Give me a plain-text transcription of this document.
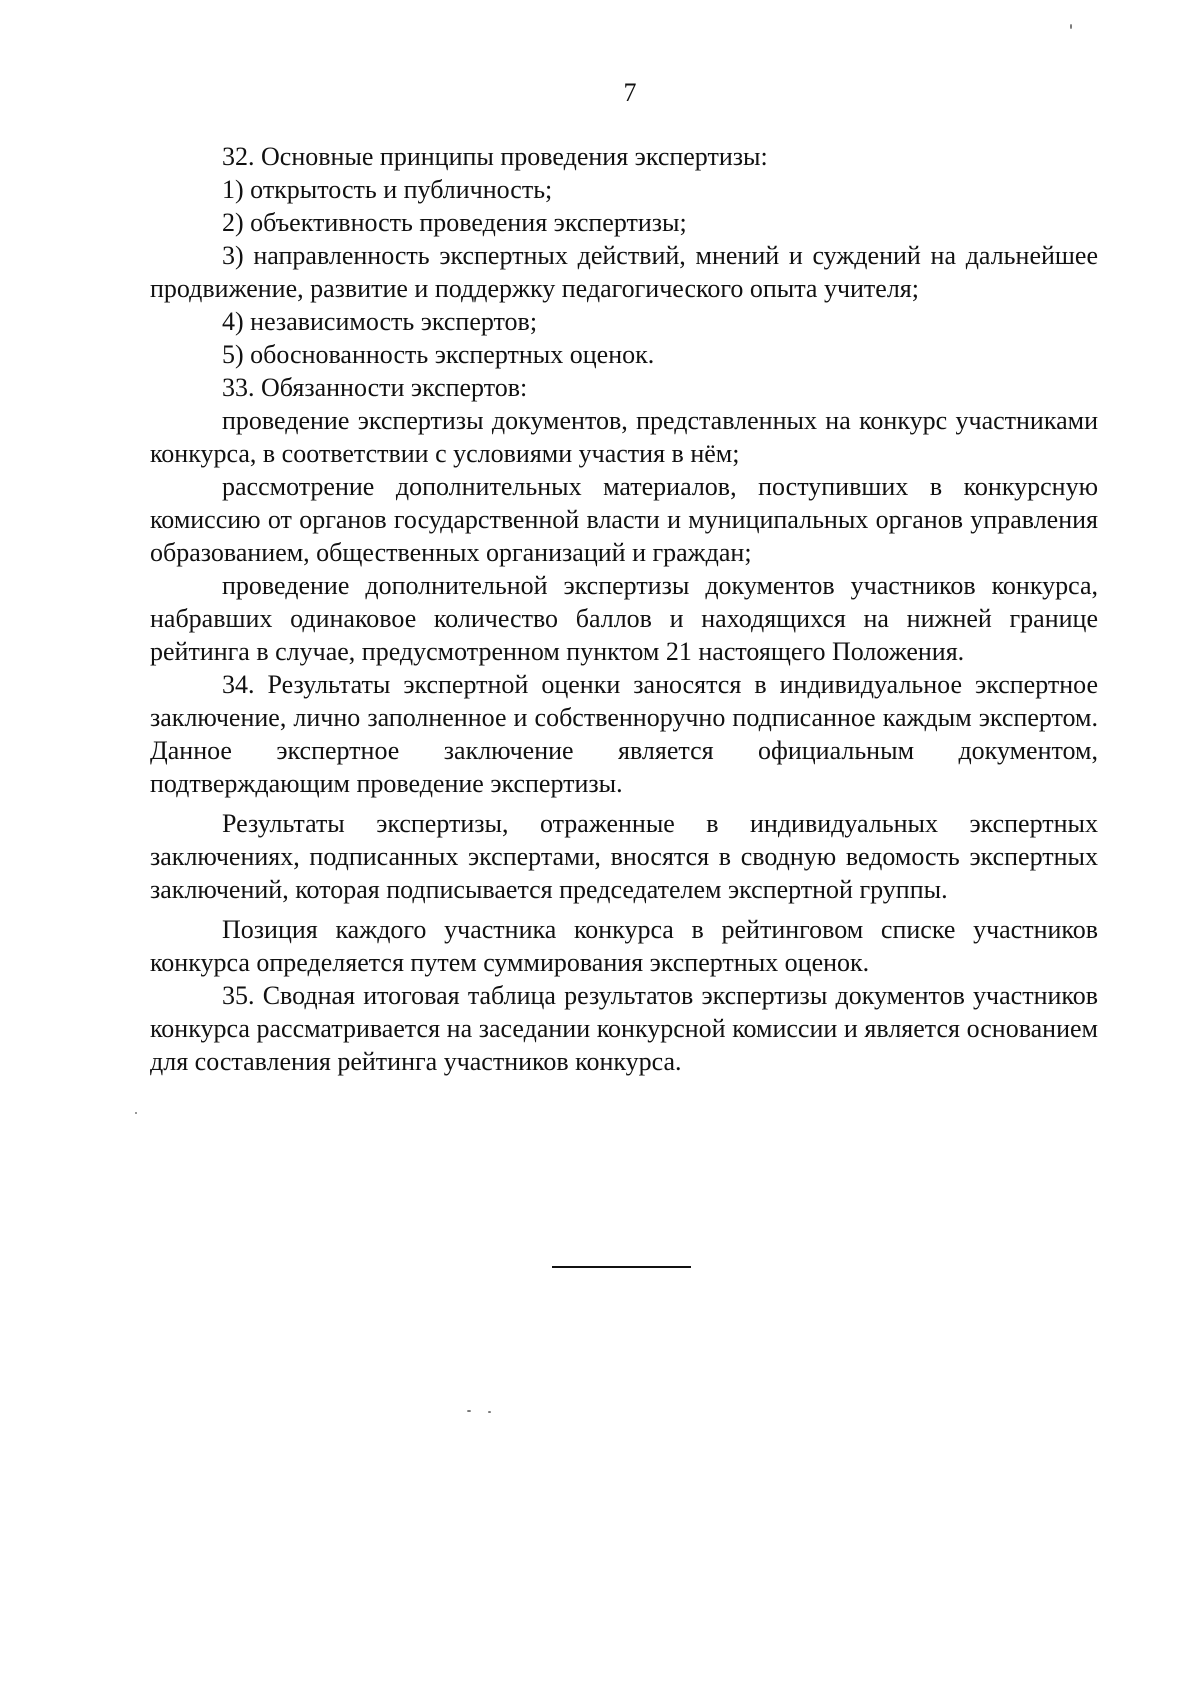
7

32. Основные принципы проведения экспертизы:

1) открытость и публичность;

2) объективность проведения экспертизы;

3) направленность экспертных действий, мнений и суждений на дальнейшее продвижение, развитие и поддержку педагогического опыта учителя;

4) независимость экспертов;

5) обоснованность экспертных оценок.

33. Обязанности экспертов:

проведение экспертизы документов, представленных на конкурс участниками конкурса, в соответствии с условиями участия в нём;

рассмотрение дополнительных материалов, поступивших в конкурсную комиссию от органов государственной власти и муниципальных органов управления образованием, общественных организаций и граждан;

проведение дополнительной экспертизы документов участников конкурса, набравших одинаковое количество баллов и находящихся на нижней границе рейтинга в случае, предусмотренном пунктом 21 настоящего Положения.

34. Результаты экспертной оценки заносятся в индивидуальное экспертное заключение, лично заполненное и собственноручно подписанное каждым экспертом. Данное экспертное заключение является официальным документом, подтверждающим проведение экспертизы.

Результаты экспертизы, отраженные в индивидуальных экспертных заключениях, подписанных экспертами, вносятся в сводную ведомость экспертных заключений, которая подписывается председателем экспертной группы.

Позиция каждого участника конкурса в рейтинговом списке участников конкурса определяется путем суммирования экспертных оценок.

35. Сводная итоговая таблица результатов экспертизы документов участников конкурса рассматривается на заседании конкурсной комиссии и является основанием для составления рейтинга участников конкурса.
